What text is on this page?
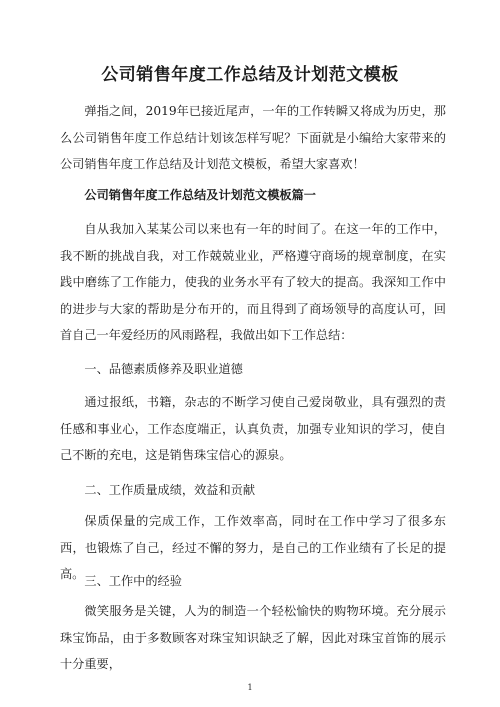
公司销售年度工作总结及计划范文模板

弹指之间，2019年已接近尾声，一年的工作转瞬又将成为历史，那么公司销售年度工作总结计划该怎样写呢？下面就是小编给大家带来的公司销售年度工作总结及计划范文模板，希望大家喜欢！

公司销售年度工作总结及计划范文模板篇一

自从我加入某某公司以来也有一年的时间了。在这一年的工作中，我不断的挑战自我，对工作兢兢业业，严格遵守商场的规章制度，在实践中磨练了工作能力，使我的业务水平有了较大的提高。我深知工作中的进步与大家的帮助是分布开的，而且得到了商场领导的高度认可，回首自己一年爱经历的风雨路程，我做出如下工作总结：

一、品德素质修养及职业道德

通过报纸，书籍，杂志的不断学习使自己爱岗敬业，具有强烈的责任感和事业心，工作态度端正，认真负责，加强专业知识的学习，使自己不断的充电，这是销售珠宝信心的源泉。

二、工作质量成绩，效益和贡献

保质保量的完成工作，工作效率高，同时在工作中学习了很多东西，也锻炼了自己，经过不懈的努力，是自己的工作业绩有了长足的提高。 三、工作中的经验

微笑服务是关键，人为的制造一个轻松愉快的购物环境。充分展示珠宝饰品，由于多数顾客对珠宝知识缺乏了解，因此对珠宝首饰的展示十分重要，

1
